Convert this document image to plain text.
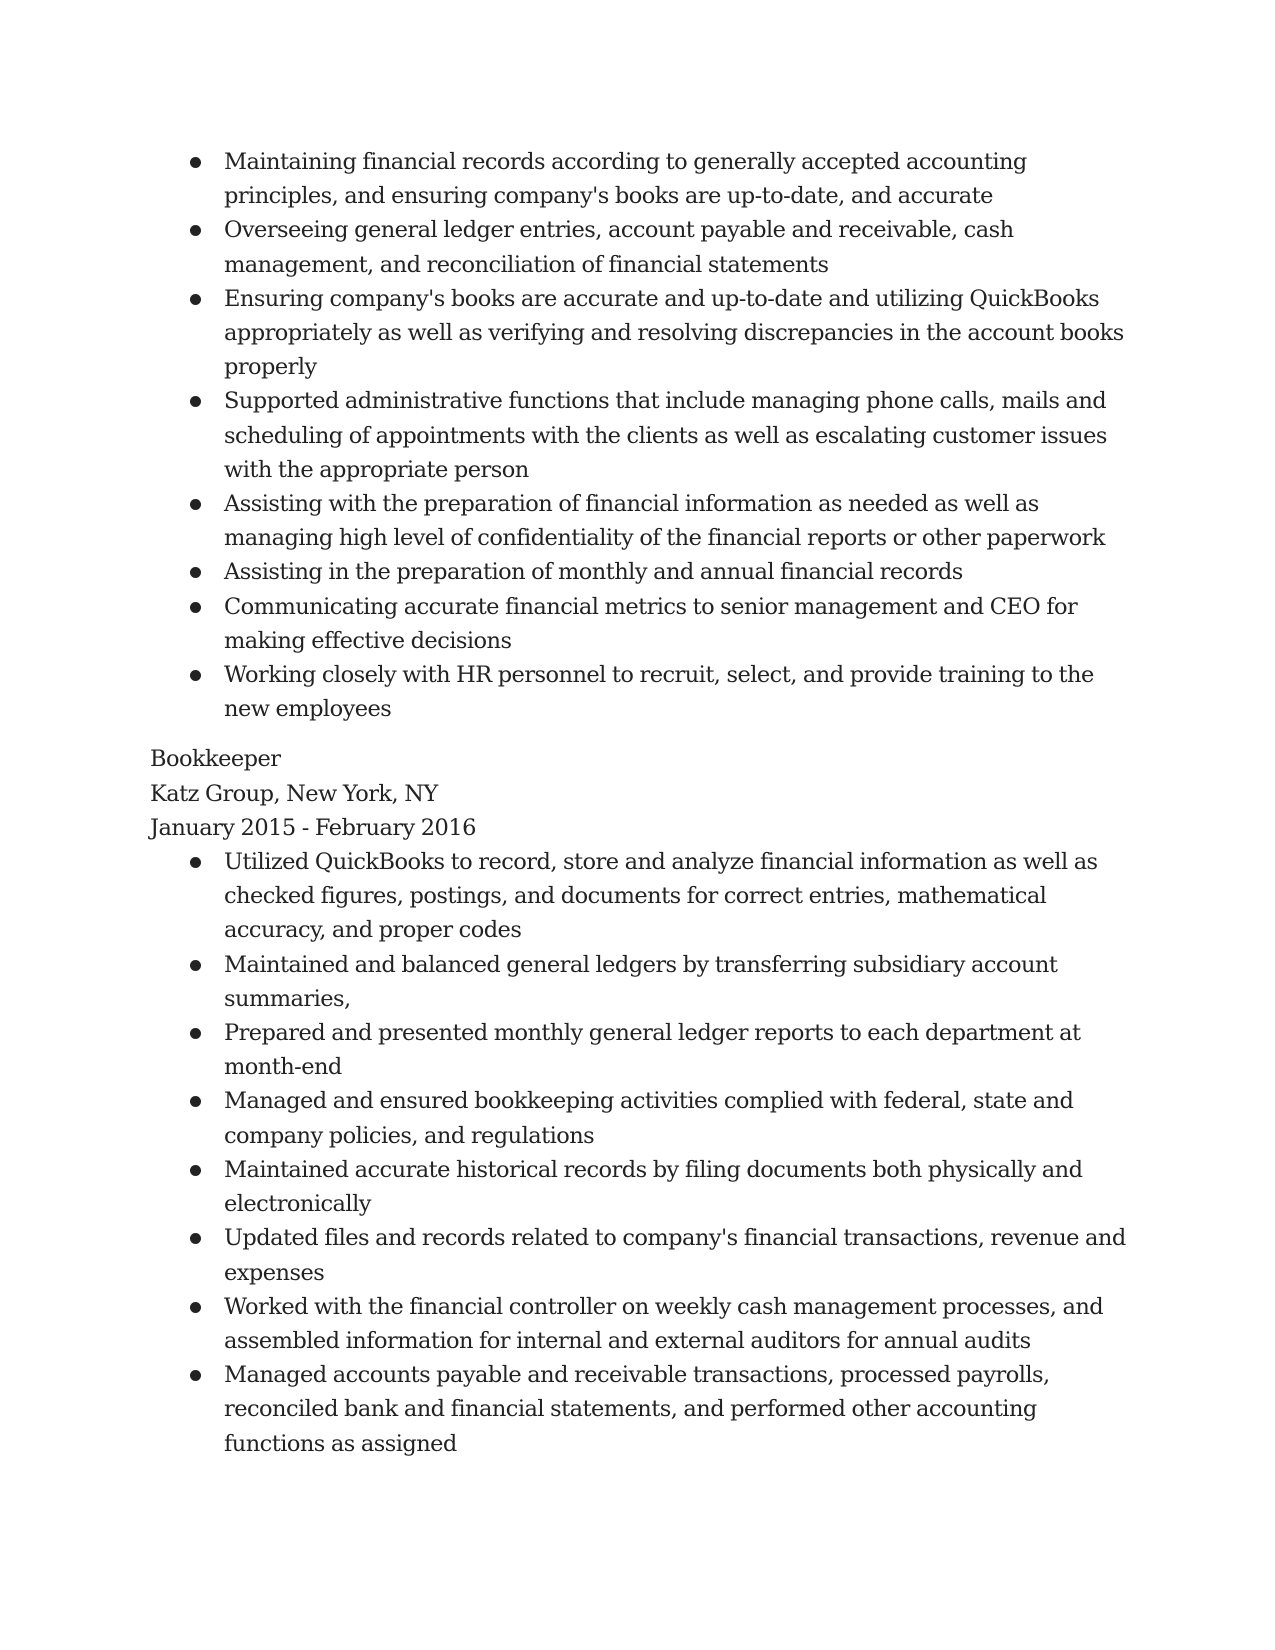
Maintaining financial records according to generally accepted accounting principles, and ensuring company's books are up-to-date, and accurate
Overseeing general ledger entries, account payable and receivable, cash management, and reconciliation of financial statements
Ensuring company's books are accurate and up-to-date and utilizing QuickBooks appropriately as well as verifying and resolving discrepancies in the account books properly
Supported administrative functions that include managing phone calls, mails and scheduling of appointments with the clients as well as escalating customer issues with the appropriate person
Assisting with the preparation of financial information as needed as well as managing high level of confidentiality of the financial reports or other paperwork
Assisting in the preparation of monthly and annual financial records
Communicating accurate financial metrics to senior management and CEO for making effective decisions
Working closely with HR personnel to recruit, select, and provide training to the new employees

Bookkeeper

Katz Group, New York, NY

January 2015 - February 2016

Utilized QuickBooks to record, store and analyze financial information as well as checked figures, postings, and documents for correct entries, mathematical accuracy, and proper codes
Maintained and balanced general ledgers by transferring subsidiary account summaries,
Prepared and presented monthly general ledger reports to each department at month-end
Managed and ensured bookkeeping activities complied with federal, state and company policies, and regulations
Maintained accurate historical records by filing documents both physically and electronically
Updated files and records related to company's financial transactions, revenue and expenses
Worked with the financial controller on weekly cash management processes, and assembled information for internal and external auditors for annual audits
Managed accounts payable and receivable transactions, processed payrolls, reconciled bank and financial statements, and performed other accounting functions as assigned
